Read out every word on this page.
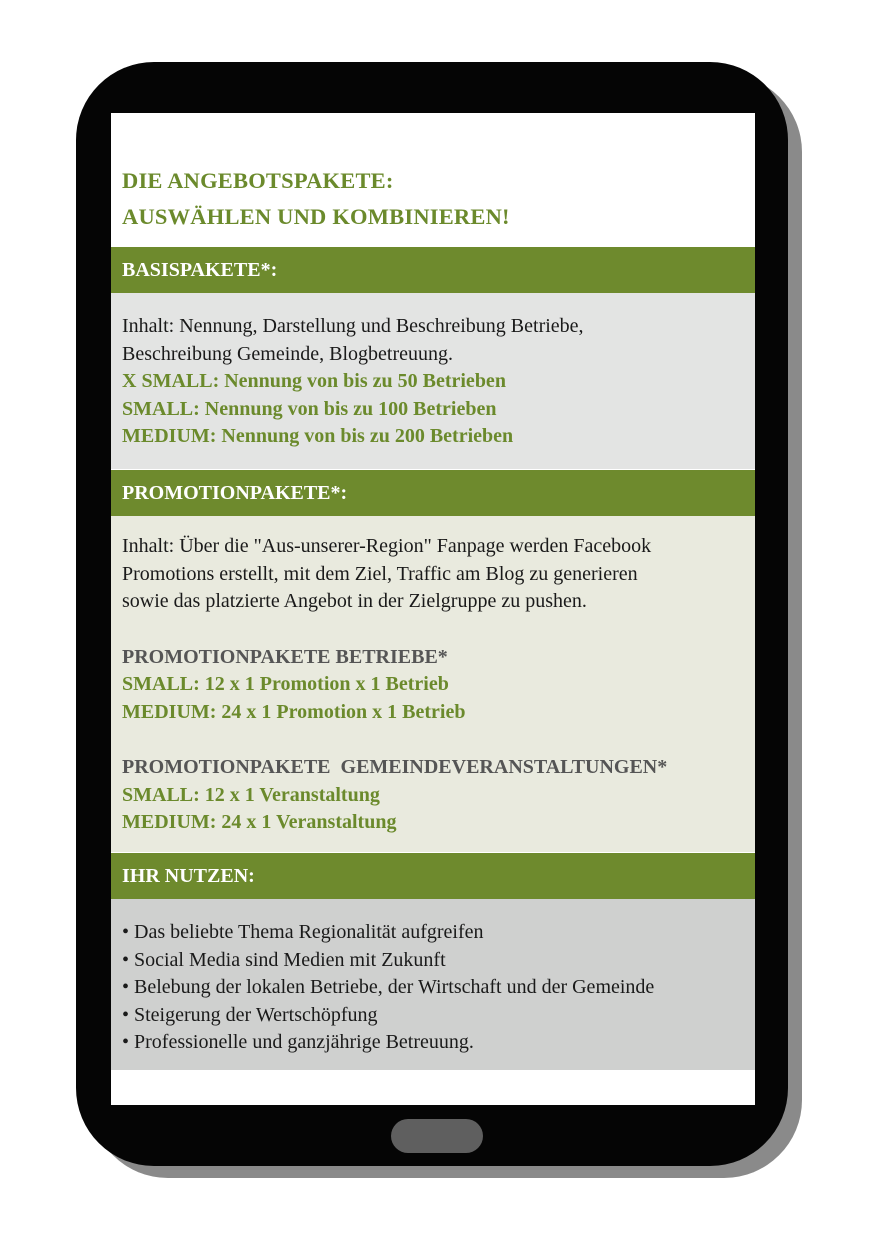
DIE ANGEBOTSPAKETE:
AUSWÄHLEN UND KOMBINIEREN!
BASISPAKETE*:
Inhalt: Nennung, Darstellung und Beschreibung Betriebe,
Beschreibung Gemeinde, Blogbetreuung.
X SMALL: Nennung von bis zu 50 Betrieben
SMALL: Nennung von bis zu 100 Betrieben
MEDIUM: Nennung von bis zu 200 Betrieben
PROMOTIONPAKETE*:
Inhalt: Über die "Aus-unserer-Region" Fanpage werden Facebook
Promotions erstellt, mit dem Ziel, Traffic am Blog zu generieren
sowie das platzierte Angebot in der Zielgruppe zu pushen.
PROMOTIONPAKETE BETRIEBE*
SMALL: 12 x 1 Promotion x 1 Betrieb
MEDIUM: 24 x 1 Promotion x 1 Betrieb
PROMOTIONPAKETE  GEMEINDEVERANSTALTUNGEN*
SMALL: 12 x 1 Veranstaltung
MEDIUM: 24 x 1 Veranstaltung
IHR NUTZEN:
• Das beliebte Thema Regionalität aufgreifen
• Social Media sind Medien mit Zukunft
• Belebung der lokalen Betriebe, der Wirtschaft und der Gemeinde
• Steigerung der Wertschöpfung
• Professionelle und ganzjährige Betreuung.
